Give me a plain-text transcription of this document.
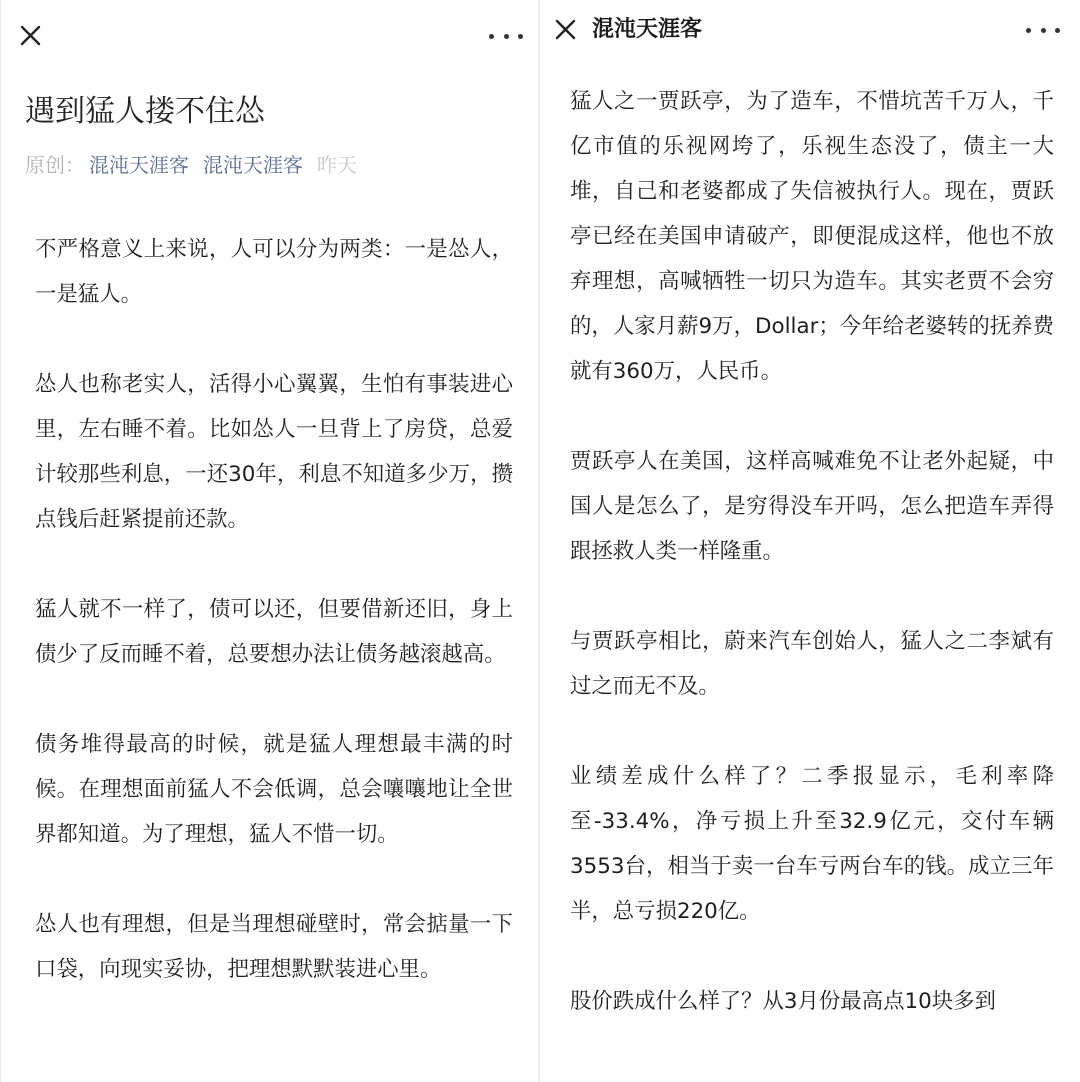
遇到猛人搂不住怂
原创： 混沌天涯客 混沌天涯客 昨天

不严格意义上来说，人可以分为两类：一是怂人，一是猛人。

怂人也称老实人，活得小心翼翼，生怕有事装进心里，左右睡不着。比如怂人一旦背上了房贷，总爱计较那些利息，一还30年，利息不知道多少万，攒点钱后赶紧提前还款。

猛人就不一样了，债可以还，但要借新还旧，身上债少了反而睡不着，总要想办法让债务越滚越高。

债务堆得最高的时候，就是猛人理想最丰满的时候。在理想面前猛人不会低调，总会嚷嚷地让全世界都知道。为了理想，猛人不惜一切。

怂人也有理想，但是当理想碰壁时，常会掂量一下口袋，向现实妥协，把理想默默装进心里。

混沌天涯客

猛人之一贾跃亭，为了造车，不惜坑苦千万人，千亿市值的乐视网垮了，乐视生态没了，债主一大堆，自己和老婆都成了失信被执行人。现在，贾跃亭已经在美国申请破产，即便混成这样，他也不放弃理想，高喊牺牲一切只为造车。其实老贾不会穷的，人家月薪9万，Dollar；今年给老婆转的抚养费就有360万，人民币。

贾跃亭人在美国，这样高喊难免不让老外起疑，中国人是怎么了，是穷得没车开吗，怎么把造车弄得跟拯救人类一样隆重。

与贾跃亭相比，蔚来汽车创始人，猛人之二李斌有过之而无不及。

业绩差成什么样了？二季报显示，毛利率降至-33.4%，净亏损上升至32.9亿元，交付车辆3553台，相当于卖一台车亏两台车的钱。成立三年半，总亏损220亿。

股价跌成什么样了？从3月份最高点10块多到
